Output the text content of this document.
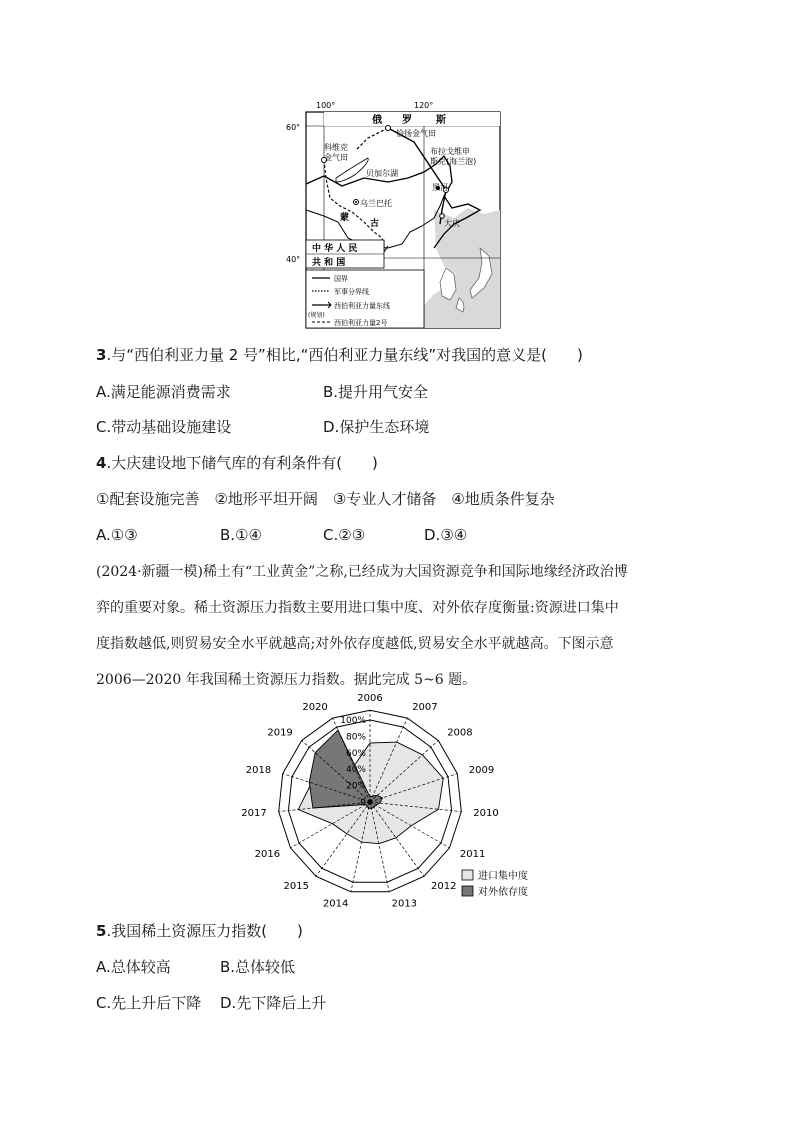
100°	120°
60°
40°
俄 罗 斯
恰扬金气田
科维克
金气田
布拉戈维申
斯克(海兰泡)
黑河
贝加尔湖
乌兰巴托
蒙
古	大庆
中 华 人 民
共 和 国
国界
军事分界线
西伯利亚力量东线
(规划)
西伯利亚力量2号
3.与“西伯利亚力量 2 号”相比,“西伯利亚力量东线”对我国的意义是(　　)
A.满足能源消费需求	B.提升用气安全
C.带动基础设施建设	D.保护生态环境
4.大庆建设地下储气库的有利条件有(　　)
①配套设施完善　②地形平坦开阔　③专业人才储备　④地质条件复杂
A.①③	B.①④	C.②③	D.③④
(2024·新疆一模)稀土有“工业黄金”之称,已经成为大国资源竞争和国际地缘经济政治博
弈的重要对象。稀土资源压力指数主要用进口集中度、对外依存度衡量:资源进口集中
度指数越低,则贸易安全水平就越高;对外依存度越低,贸易安全水平就越高。下图示意
2006—2020 年我国稀土资源压力指数。据此完成 5~6 题。
0
20%
40%
60%
80%
100%
2006
2007
2008
2009
2010
2011
2012
2013
2014
2015
2016
2017
2018
2019
2020
进口集中度
对外依存度
5.我国稀土资源压力指数(　　)
A.总体较高	B.总体较低
C.先上升后下降 D.先下降后上升
